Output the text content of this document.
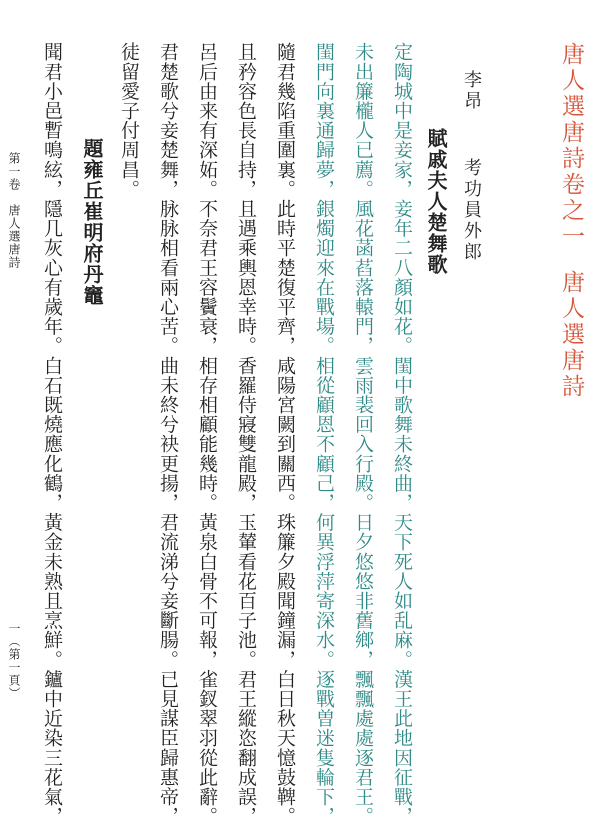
唐人選唐詩卷之一
唐人選唐詩
李昂
考功員外郎
賦戚夫人楚舞歌
定陶城中是妾家，妾年二八顏如花。閨中歌舞未終曲，天下死人如乱麻。漢王此地因征戰，
未出簾櫳人已薦。風花菡萏落轅門，雲雨裴回入行殿。日夕悠悠非舊鄉，飄飄處處逐君王。
閨門向裏通歸夢，銀燭迎來在戰場。相從顧恩不顧己，何異浮萍寄深水。逐戰曽迷隻輪下，
隨君幾陷重圍裏。此時平楚復平齊，咸陽宮闕到關西。珠簾夕殿聞鐘漏，白日秋天憶鼓鞞。
且矜容色長自持，且遇乘輿恩幸時。香羅侍寢雙龍殿，玉輦看花百子池。君王縱恣翻成誤，
呂后由来有深妬。不奈君王容鬢衰，相存相顧能幾時。黃泉白骨不可報，雀釵翠羽從此辭。
君楚歌兮妾楚舞，脉脉相看兩心苦。曲未終兮袂更揚，君流涕兮妾斷腸。已見謀臣歸惠帝，
徒留愛子付周昌。
題雍丘崔明府丹竈
聞君小邑暫鳴絃，隱几灰心有歲年。白石既燒應化鶴，黃金未熟且烹鮮。鑪中近染三花氣，
第一卷　唐人選唐詩
一（第一頁）
